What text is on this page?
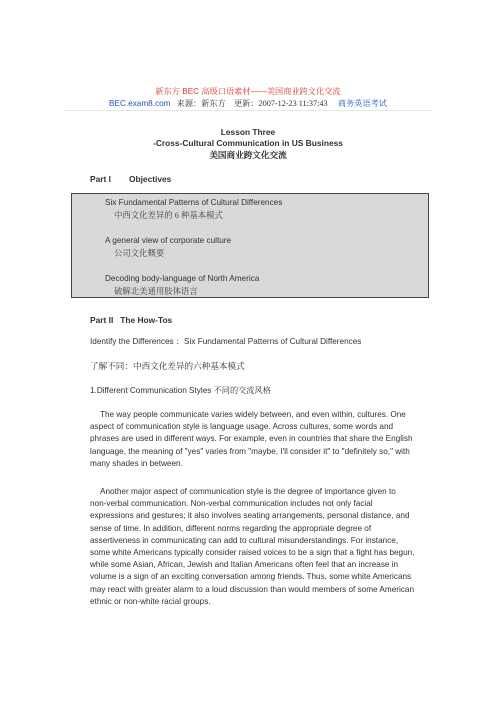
新东方 BEC 高级口语素材——美国商业跨文化交流
BEC.exam8.com 来源：新东方 更新：2007-12-23 11:37:43 商务英语考试
Lesson Three
-Cross-Cultural Communication in US Business
美国商业跨文化交流
Part I Objectives
Six Fundamental Patterns of Cultural Differences
中西文化差异的 6 种基本模式
A general view of corporate culture
公司文化概要
Decoding body-language of North America
破解北美通用肢体语言
Part II The How-Tos
Identify the Differences ：Six Fundamental Patterns of Cultural Differences
了解不同：中西文化差异的六种基本模式
1.Different Communication Styles 不同的交流风格
The way people communicate varies widely between, and even within, cultures. One
aspect of communication style is language usage. Across cultures, some words and
phrases are used in different ways. For example, even in countries that share the English
language, the meaning of "yes" varies from "maybe, I'll consider it" to "definitely so," with
many shades in between.
Another major aspect of communication style is the degree of importance given to
non-verbal communication. Non-verbal communication includes not only facial
expressions and gestures; it also involves seating arrangements, personal distance, and
sense of time. In addition, different norms regarding the appropriate degree of
assertiveness in communicating can add to cultural misunderstandings. For instance,
some white Americans typically consider raised voices to be a sign that a fight has begun,
while some Asian, African, Jewish and Italian Americans often feel that an increase in
volume is a sign of an exciting conversation among friends. Thus, some white Americans
may react with greater alarm to a loud discussion than would members of some American
ethnic or non-white racial groups.
